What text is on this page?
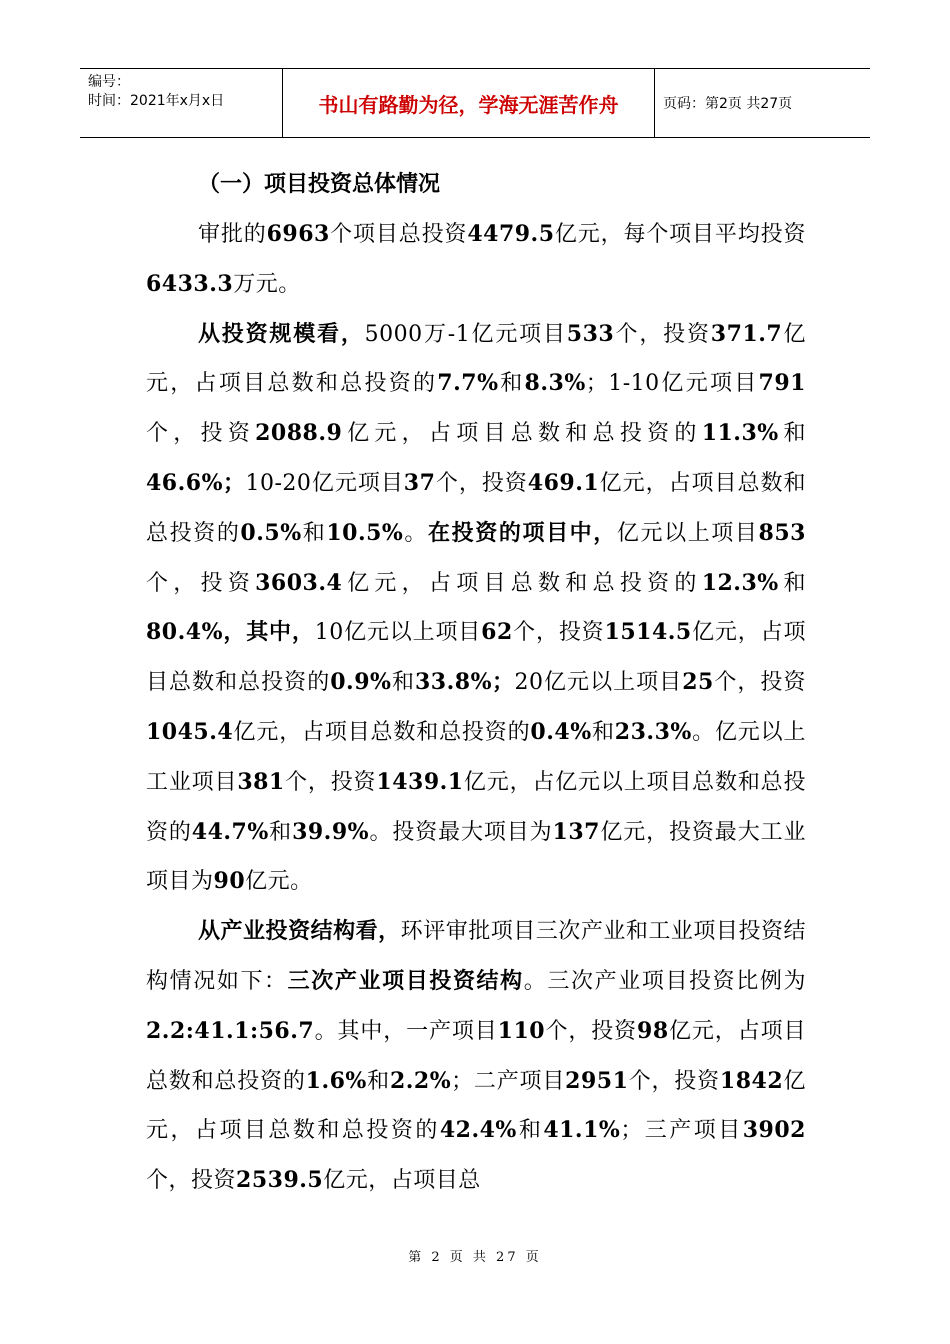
编号：
时间：2021年x月x日	书山有路勤为径，学海无涯苦作舟	页码：第2页 共27页
（一）项目投资总体情况

审批的6963个项目总投资4479.5亿元，每个项目平均投资6433.3万元。

从投资规模看，5000万-1亿元项目533个，投资371.7亿元，占项目总数和总投资的7.7%和8.3%；1-10亿元项目791个，投资2088.9亿元，占项目总数和总投资的11.3%和46.6%；10-20亿元项目37个，投资469.1亿元，占项目总数和总投资的0.5%和10.5%。在投资的项目中，亿元以上项目853个，投资3603.4亿元，占项目总数和总投资的12.3%和80.4%，其中，10亿元以上项目62个，投资1514.5亿元，占项目总数和总投资的0.9%和33.8%；20亿元以上项目25个，投资1045.4亿元，占项目总数和总投资的0.4%和23.3%。亿元以上工业项目381个，投资1439.1亿元，占亿元以上项目总数和总投资的44.7%和39.9%。投资最大项目为137亿元，投资最大工业项目为90亿元。

从产业投资结构看，环评审批项目三次产业和工业项目投资结构情况如下：三次产业项目投资结构。三次产业项目投资比例为2.2:41.1:56.7。其中，一产项目110个，投资98亿元，占项目总数和总投资的1.6%和2.2%；二产项目2951个，投资1842亿元，占项目总数和总投资的42.4%和41.1%；三产项目3902个，投资2539.5亿元，占项目总

第 2 页 共 27 页
